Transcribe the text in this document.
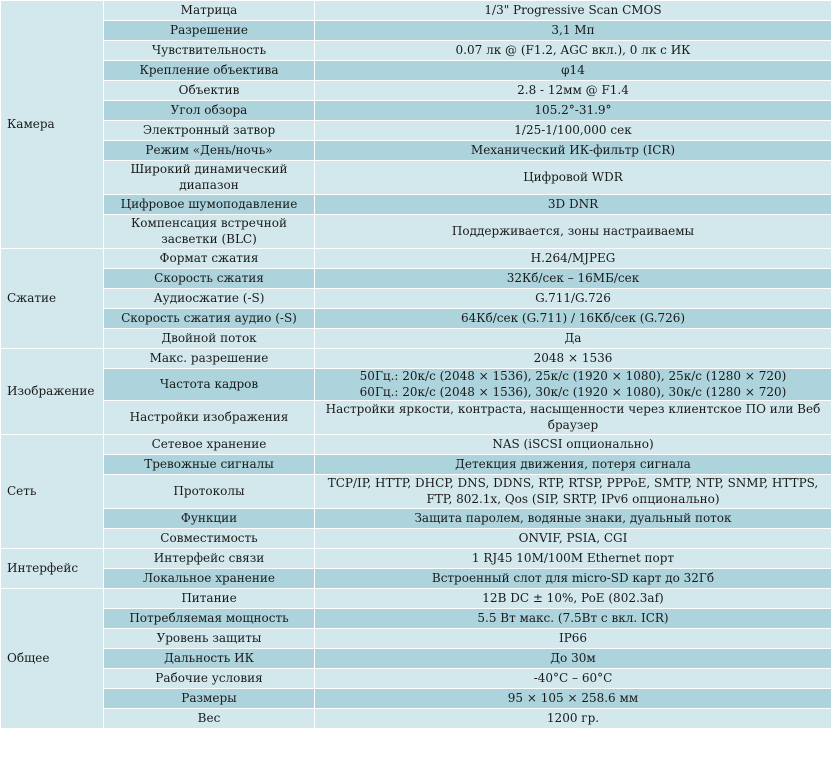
Камера	Матрица	1/3" Progressive Scan CMOS
	Разрешение	3,1 Мп
	Чувствительность	0.07 лк @ (F1.2, AGC вкл.), 0 лк с ИК
	Крепление объектива	φ14
	Объектив	2.8 - 12мм @ F1.4
	Угол обзора	105.2°-31.9°
	Электронный затвор	1/25-1/100,000 сек
	Режим «День/ночь»	Механический ИК-фильтр (ICR)
	Широкий динамический диапазон	Цифровой WDR
	Цифровое шумоподавление	3D DNR
	Компенсация встречной засветки (BLC)	Поддерживается, зоны настраиваемы
Сжатие	Формат сжатия	H.264/MJPEG
	Скорость сжатия	32Кб/сек – 16МБ/сек
	Аудиосжатие (-S)	G.711/G.726
	Скорость сжатия аудио (-S)	64Кб/сек (G.711) / 16Кб/сек (G.726)
	Двойной поток	Да
Изображение	Макс. разрешение	2048 × 1536
	Частота кадров	50Гц.: 20к/с (2048 × 1536), 25к/с (1920 × 1080), 25к/с (1280 × 720)
60Гц.: 20к/с (2048 × 1536), 30к/с (1920 × 1080), 30к/с (1280 × 720)
	Настройки изображения	Настройки яркости, контраста, насыщенности через клиентское ПО или Веб браузер
Сеть	Сетевое хранение	NAS (iSCSI опционально)
	Тревожные сигналы	Детекция движения, потеря сигнала
	Протоколы	TCP/IP, HTTP, DHCP, DNS, DDNS, RTP, RTSP, PPPoE, SMTP, NTP, SNMP, HTTPS, FTP, 802.1x, Qos (SIP, SRTP, IPv6 опционально)
	Функции	Защита паролем, водяные знаки, дуальный поток
	Совместимость	ONVIF, PSIA, CGI
Интерфейс	Интерфейс связи	1 RJ45 10M/100M Ethernet порт
	Локальное хранение	Встроенный слот для micro-SD карт до 32Гб
Общее	Питание	12В DC ± 10%, PoE (802.3af)
	Потребляемая мощность	5.5 Вт макс. (7.5Вт с вкл. ICR)
	Уровень защиты	IP66
	Дальность ИК	До 30м
	Рабочие условия	-40°C – 60°C
	Размеры	95 × 105 × 258.6 мм
	Вес	1200 гр.
